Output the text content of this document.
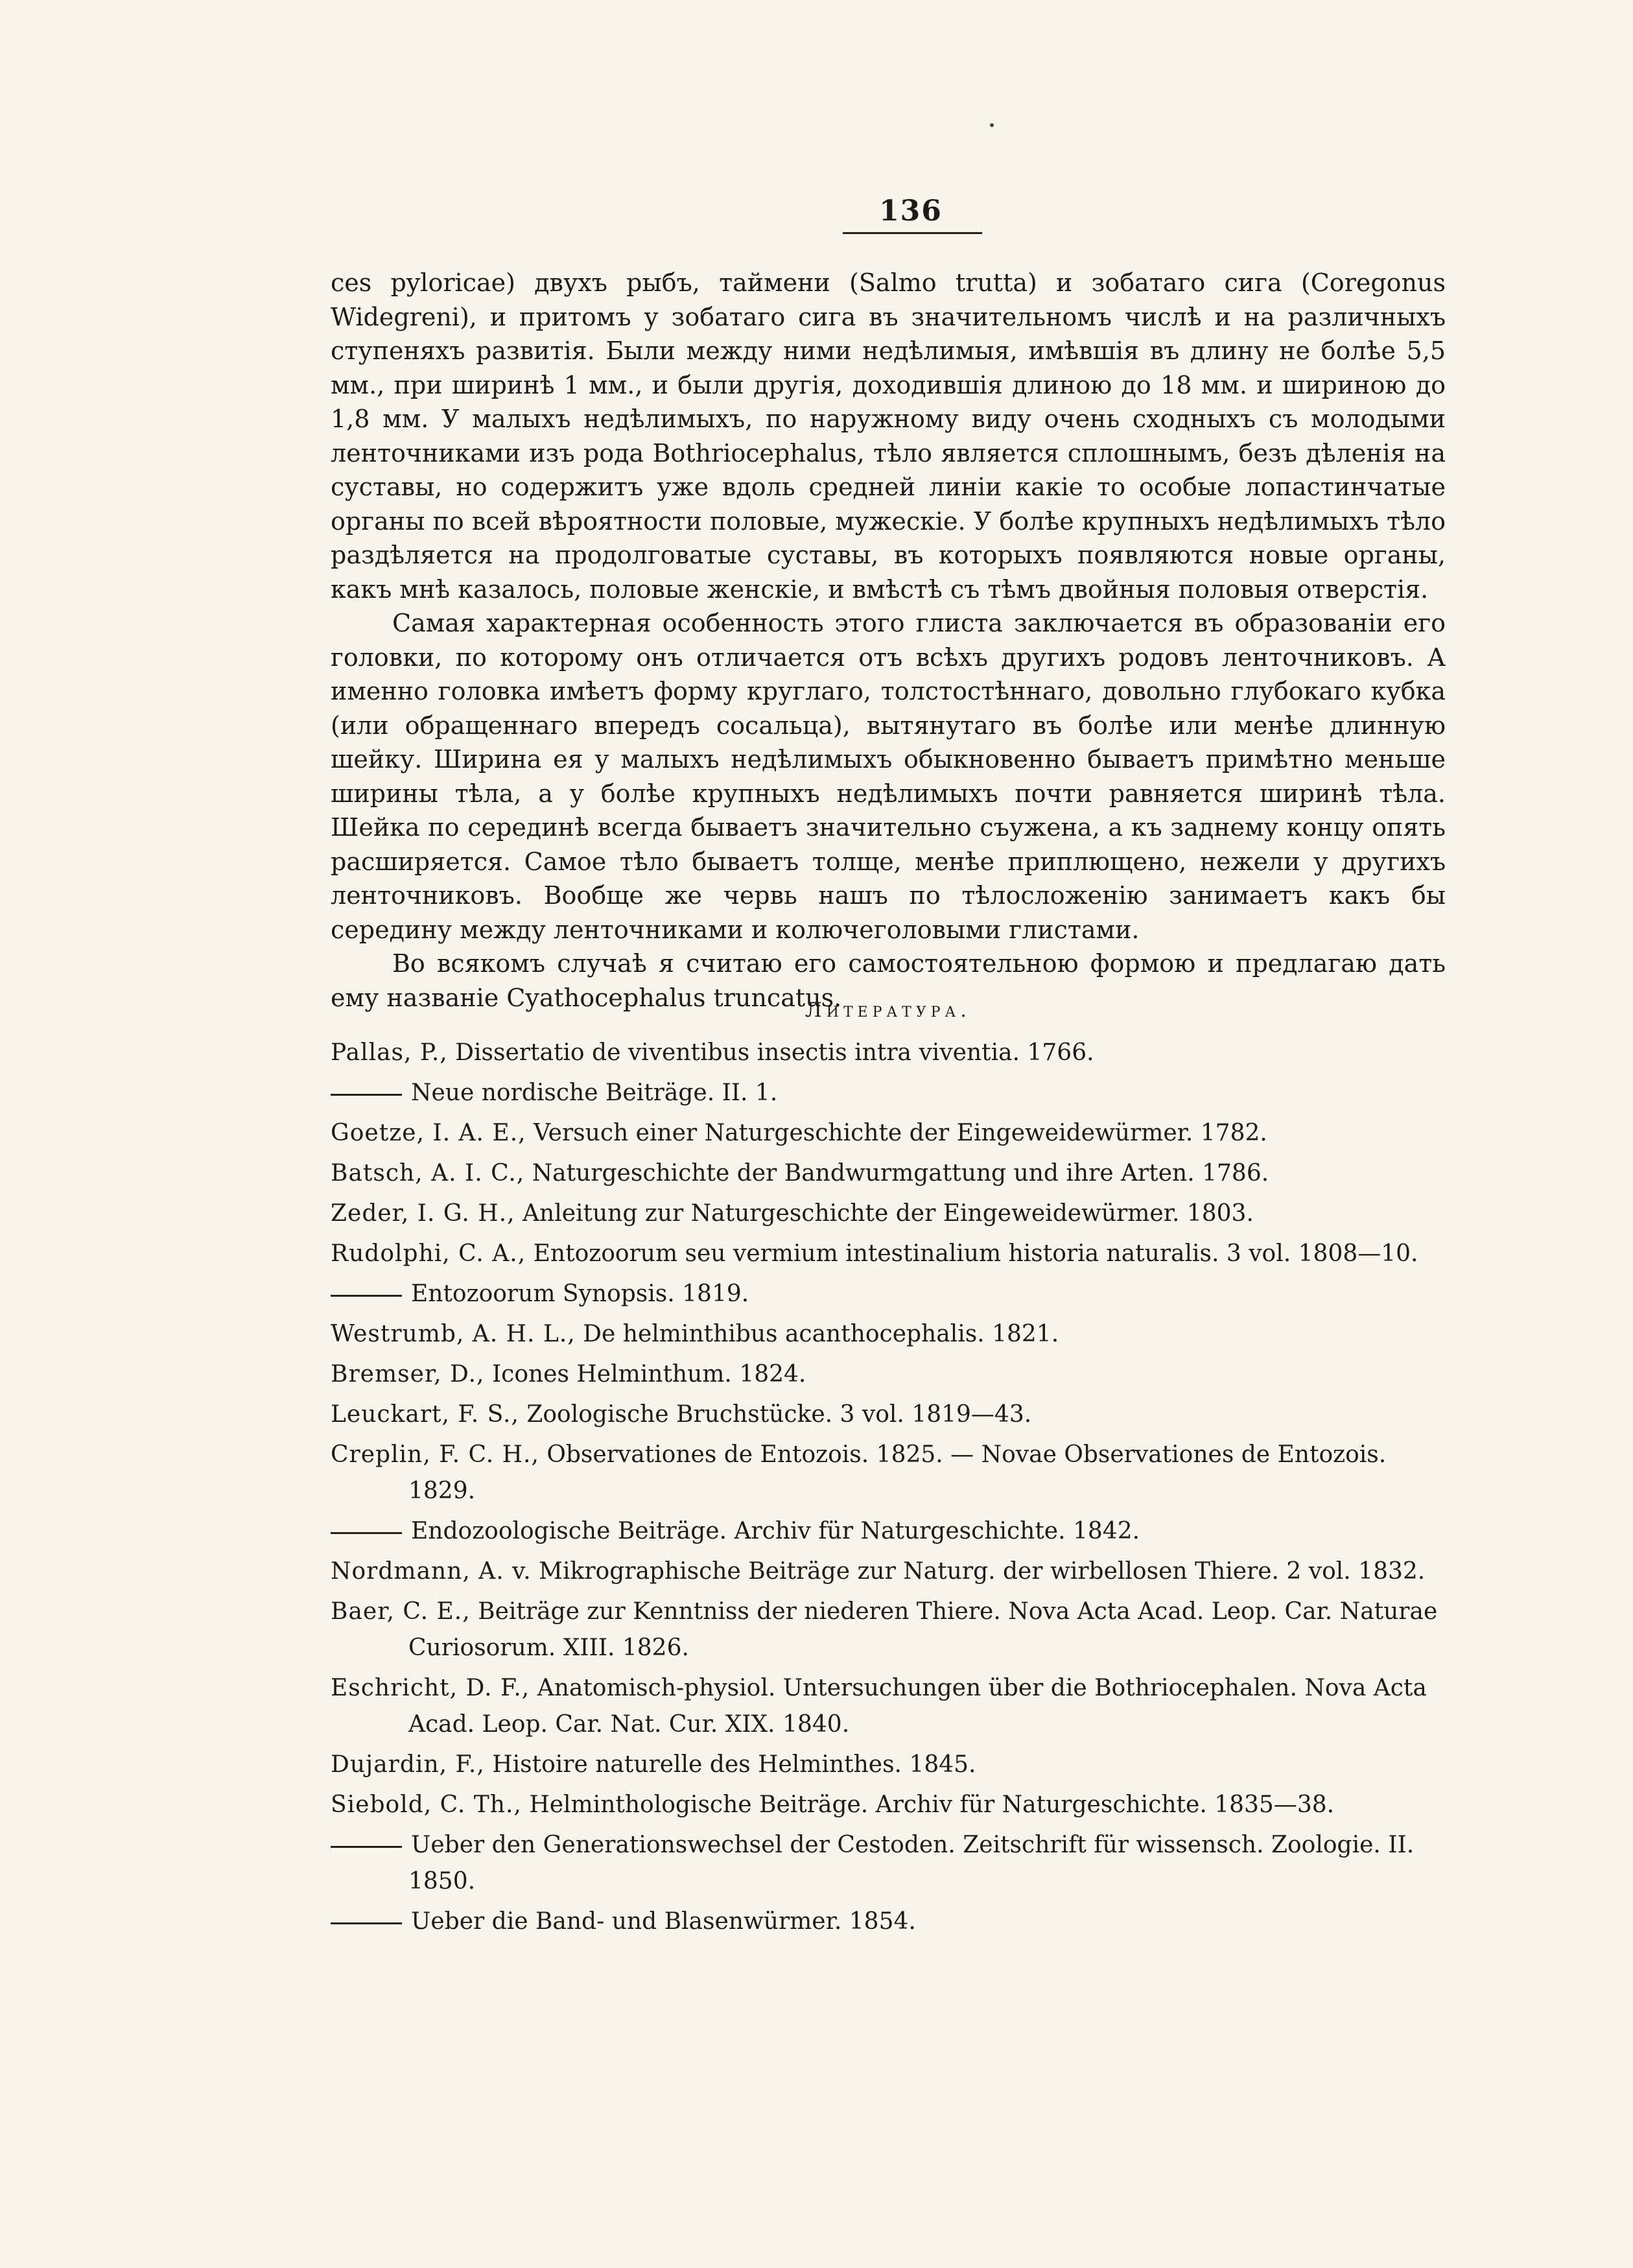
136

ces pyloricae) двухъ рыбъ, таймени (Salmo trutta) и зобатаго сига (Coregonus Widegreni), и притомъ у зобатаго сига въ значительномъ числѣ и на различныхъ ступеняхъ развитія. Были между ними недѣлимыя, имѣвшія въ длину не болѣе 5,5 мм., при ширинѣ 1 мм., и были другія, доходившія длиною до 18 мм. и шириною до 1,8 мм. У малыхъ недѣлимыхъ, по наружному виду очень сходныхъ съ молодыми ленточниками изъ рода Bothriocephalus, тѣло является сплошнымъ, безъ дѣленія на суставы, но содержитъ уже вдоль средней линіи какіе то особые лопастинчатые органы по всей вѣроятности половые, мужескіе. У болѣе крупныхъ недѣлимыхъ тѣло раздѣляется на продолговатые суставы, въ которыхъ появляются новые органы, какъ мнѣ казалось, половые женскіе, и вмѣстѣ съ тѣмъ двойныя половыя отверстія.

Самая характерная особенность этого глиста заключается въ образованіи его головки, по которому онъ отличается отъ всѣхъ другихъ родовъ ленточниковъ. А именно головка имѣетъ форму круглаго, толстостѣннаго, довольно глубокаго кубка (или обращеннаго впередъ сосальца), вытянутаго въ болѣе или менѣе длинную шейку. Ширина ея у малыхъ недѣлимыхъ обыкновенно бываетъ примѣтно меньше ширины тѣла, а у болѣе крупныхъ недѣлимыхъ почти равняется ширинѣ тѣла. Шейка по серединѣ всегда бываетъ значительно съужена, а къ заднему концу опять расширяется. Самое тѣло бываетъ толще, менѣе приплющено, нежели у другихъ ленточниковъ. Вообще же червь нашъ по тѣлосложенію занимаетъ какъ бы середину между ленточниками и колючеголовыми глистами.

Во всякомъ случаѣ я считаю его самостоятельною формою и предлагаю дать ему названіе Cyathocephalus truncatus.

Литература.
Pallas, P., Dissertatio de viventibus insectis intra viventia. 1766.
Neue nordische Beiträge. II. 1.
Goetze, I. A. E., Versuch einer Naturgeschichte der Eingeweidewürmer. 1782.
Batsch, A. I. C., Naturgeschichte der Bandwurmgattung und ihre Arten. 1786.
Zeder, I. G. H., Anleitung zur Naturgeschichte der Eingeweidewürmer. 1803.
Rudolphi, C. A., Entozoorum seu vermium intestinalium historia naturalis. 3 vol. 1808—10.
Entozoorum Synopsis. 1819.
Westrumb, A. H. L., De helminthibus acanthocephalis. 1821.
Bremser, D., Icones Helminthum. 1824.
Leuckart, F. S., Zoologische Bruchstücke. 3 vol. 1819—43.
Creplin, F. C. H., Observationes de Entozois. 1825. — Novae Observationes de Entozois. 1829.
Endozoologische Beiträge. Archiv für Naturgeschichte. 1842.
Nordmann, A. v. Mikrographische Beiträge zur Naturg. der wirbellosen Thiere. 2 vol. 1832.
Baer, C. E., Beiträge zur Kenntniss der niederen Thiere. Nova Acta Acad. Leop. Car. Naturae Curiosorum. XIII. 1826.
Eschricht, D. F., Anatomisch-physiol. Untersuchungen über die Bothriocephalen. Nova Acta Acad. Leop. Car. Nat. Cur. XIX. 1840.
Dujardin, F., Histoire naturelle des Helminthes. 1845.
Siebold, C. Th., Helminthologische Beiträge. Archiv für Naturgeschichte. 1835—38.
Ueber den Generationswechsel der Cestoden. Zeitschrift für wissensch. Zoologie. II. 1850.
Ueber die Band- und Blasenwürmer. 1854.
